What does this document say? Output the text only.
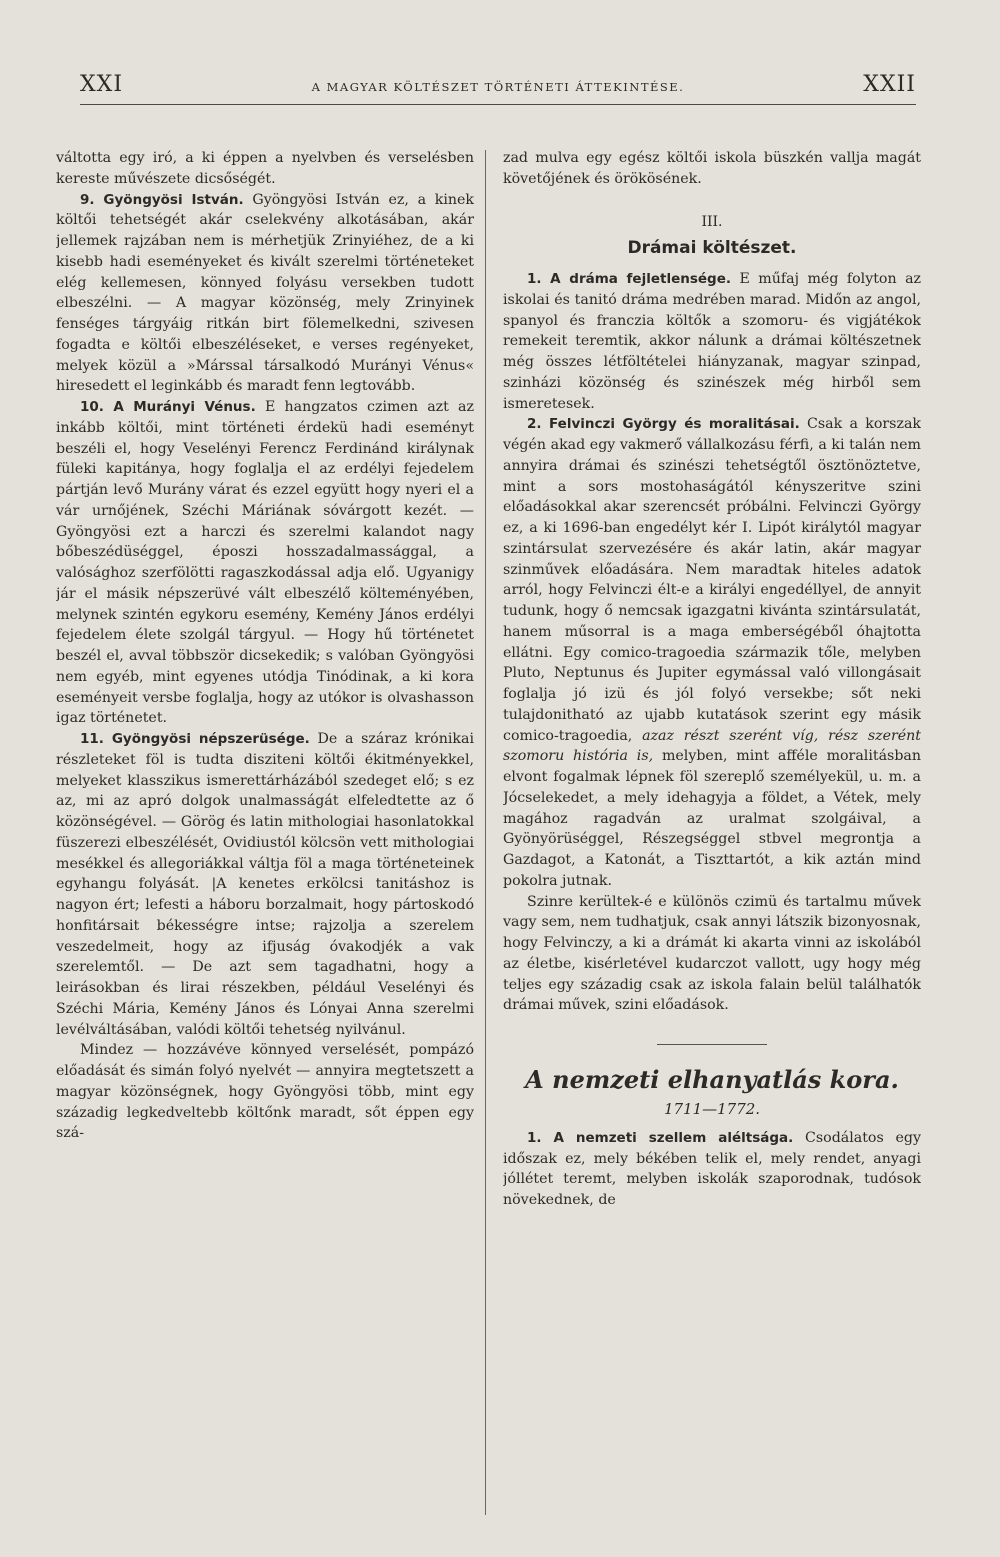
XXI	A MAGYAR KÖLTÉSZET TÖRTÉNETI ÁTTEKINTÉSE.	XXII

váltotta egy iró, a ki éppen a nyelvben és verselésben kereste művészete dicsőségét.

9. Gyöngyösi István. Gyöngyösi István ez, a kinek költői tehetségét akár cselekvény alkotásában, akár jellemek rajzában nem is mérhetjük Zrinyiéhez, de a ki kisebb hadi eseményeket és kivált szerelmi történeteket elég kellemesen, könnyed folyásu versekben tudott elbeszélni. — A magyar közönség, mely Zrinyinek fenséges tárgyáig ritkán birt fölemelkedni, szivesen fogadta e költői elbeszéléseket, e verses regényeket, melyek közül a »Márssal társalkodó Murányi Vénus« hiresedett el leginkább és maradt fenn legtovább.

10. A Murányi Vénus. E hangzatos czimen azt az inkább költői, mint történeti érdekü hadi eseményt beszéli el, hogy Veselényi Ferencz Ferdinánd királynak füleki kapitánya, hogy foglalja el az erdélyi fejedelem pártján levő Murány várat és ezzel együtt hogy nyeri el a vár urnőjének, Széchi Máriának sóvárgott kezét. — Gyöngyösi ezt a harczi és szerelmi kalandot nagy bőbeszédüséggel, époszi hosszadalmassággal, a valósághoz szerfölötti ragaszkodással adja elő. Ugyanigy jár el másik népszerüvé vált elbeszélő költeményében, melynek szintén egykoru esemény, Kemény János erdélyi fejedelem élete szolgál tárgyul. — Hogy hű történetet beszél el, avval többször dicsekedik; s valóban Gyöngyösi nem egyéb, mint egyenes utódja Tinódinak, a ki kora eseményeit versbe foglalja, hogy az utókor is olvashasson igaz történetet.

11. Gyöngyösi népszerüsége. De a száraz krónikai részleteket föl is tudta disziteni költői ékitményekkel, melyeket klasszikus ismerettárházából szedeget elő; s ez az, mi az apró dolgok unalmasságát elfeledtette az ő közönségével. — Görög és latin mithologiai hasonlatokkal füszerezi elbeszélését, Ovidiustól kölcsön vett mithologiai mesékkel és allegoriákkal váltja föl a maga történeteinek egyhangu folyását. |A kenetes erkölcsi tanitáshoz is nagyon ért; lefesti a háboru borzalmait, hogy pártoskodó honfitársait békességre intse; rajzolja a szerelem veszedelmeit, hogy az ifjuság óvakodjék a vak szerelemtől. — De azt sem tagadhatni, hogy a leirásokban és lirai részekben, például Veselényi és Széchi Mária, Kemény János és Lónyai Anna szerelmi levélváltásában, valódi költői tehetség nyilvánul.

Mindez — hozzávéve könnyed verselését, pompázó előadását és simán folyó nyelvét — annyira megtetszett a magyar közönségnek, hogy Gyöngyösi több, mint egy századig legkedveltebb költőnk maradt, sőt éppen egy szá-

zad mulva egy egész költői iskola büszkén vallja magát követőjének és örökösének.

III.
Drámai költészet.

1. A dráma fejletlensége. E műfaj még folyton az iskolai és tanitó dráma medrében marad. Midőn az angol, spanyol és franczia költők a szomoru- és vigjátékok remekeit teremtik, akkor nálunk a drámai költészetnek még összes létföltételei hiányzanak, magyar szinpad, szinházi közönség és szinészek még hirből sem ismeretesek.

2. Felvinczi György és moralitásai. Csak a korszak végén akad egy vakmerő vállalkozásu férfi, a ki talán nem annyira drámai és szinészi tehetségtől ösztönöztetve, mint a sors mostohaságától kényszeritve szini előadásokkal akar szerencsét próbálni. Felvinczi György ez, a ki 1696-ban engedélyt kér I. Lipót királytól magyar szintársulat szervezésére és akár latin, akár magyar szinművek előadására. Nem maradtak hiteles adatok arról, hogy Felvinczi élt-e a királyi engedéllyel, de annyit tudunk, hogy ő nemcsak igazgatni kivánta szintársulatát, hanem műsorral is a maga emberségéből óhajtotta ellátni. Egy comico-tragoedia származik tőle, melyben Pluto, Neptunus és Jupiter egymással való villongásait foglalja jó izü és jól folyó versekbe; sőt neki tulajdonitható az ujabb kutatások szerint egy másik comico-tragoedia, azaz részt szerént víg, rész szerént szomoru história is, melyben, mint afféle moralitásban elvont fogalmak lépnek föl szereplő személyekül, u. m. a Jócselekedet, a mely idehagyja a földet, a Vétek, mely magához ragadván az uralmat szolgáival, a Gyönyörüséggel, Részegséggel stbvel megrontja a Gazdagot, a Katonát, a Tiszttartót, a kik aztán mind pokolra jutnak.

Szinre kerültek-é e különös czimü és tartalmu művek vagy sem, nem tudhatjuk, csak annyi látszik bizonyosnak, hogy Felvinczy, a ki a drámát ki akarta vinni az iskolából az életbe, kisérletével kudarczot vallott, ugy hogy még teljes egy századig csak az iskola falain belül találhatók drámai művek, szini előadások.

A nemzeti elhanyatlás kora.
1711—1772.

1. A nemzeti szellem aléltsága. Csodálatos egy időszak ez, mely békében telik el, mely rendet, anyagi jóllétet teremt, melyben iskolák szaporodnak, tudósok növekednek, de
